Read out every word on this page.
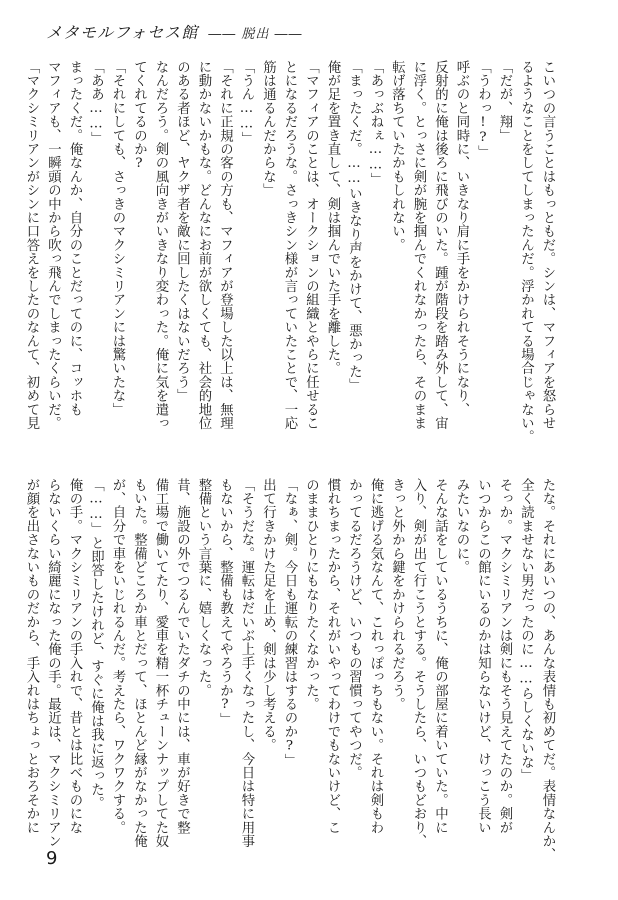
メタモルフォセス館 ―― 脱出 ――
こいつの言うことはもっともだ。シンは、マフィアを怒らせ
るようなことをしてしまったんだ。浮かれてる場合じゃない。
「だが、翔」
「うわっ!?」
呼ぶのと同時に、いきなり肩に手をかけられそうになり、
反射的に俺は後ろに飛びのいた。踵が階段を踏み外して、宙
に浮く。とっさに剣が腕を掴んでくれなかったら、そのまま
転げ落ちていたかもしれない。
「あっぶねぇ……」
「まったくだ。……いきなり声をかけて、悪かった」
俺が足を置き直して、剣は掴んでいた手を離した。
「マフィアのことは、オークションの組織とやらに任せるこ
とになるだろうな。さっきシン様が言っていたことで、一応
筋は通るんだからな」
「うん……」
「それに正規の客の方も、マフィアが登場した以上は、無理
に動かないかもな。どんなにお前が欲しくても、社会的地位
のある者ほど、ヤクザ者を敵に回したくはないだろう」
なんだろう。剣の風向きがいきなり変わった。俺に気を遣っ
てくれてるのか?
「それにしても、さっきのマクシミリアンには驚いたな」
「ああ……」
まったくだ。俺なんか、自分のことだってのに、コッホも
マフィアも、一瞬頭の中から吹っ飛んでしまったくらいだ。
「マクシミリアンがシンに口答えをしたのなんて、初めて見
たな。それにあいつの、あんな表情も初めてだ。表情なんか、
全く読ませない男だったのに……らしくないな」
そっか。マクシミリアンは剣にもそう見えてたのか。剣が
いつからこの館にいるのかは知らないけど、けっこう長い
みたいなのに。
そんな話をしているうちに、俺の部屋に着いていた。中に
入り、剣が出て行こうとする。そうしたら、いつもどおり、
きっと外から鍵をかけられるだろう。
俺に逃げる気なんて、これっぽっちもない。それは剣もわ
かってるだろうけど、いつもの習慣ってやつだ。
慣れちまったから、それがいやってわけでもないけど、こ
のままひとりにもなりたくなかった。
「なぁ、剣。今日も運転の練習はするのか?」
出て行きかけた足を止め、剣は少し考える。
「そうだな。運転はだいぶ上手くなったし、今日は特に用事
もないから、整備も教えてやろうか?」
整備という言葉に、嬉しくなった。
昔、施設の外でつるんでいたダチの中には、車が好きで整
備工場で働いてたり、愛車を精一杯チューンナップしてた奴
もいた。整備どころか車とだって、ほとんど縁がなかった俺
が、自分で車をいじれるんだ。考えたら、ワクワクする。
「……」と即答したけれど、すぐに俺は我に返った。
俺の手。マクシミリアンの手入れで、昔とは比べものにな
らないくらい綺麗になった俺の手。最近は、マクシミリアン
が顔を出さないものだから、手入れはちょっとおろそかに
9
